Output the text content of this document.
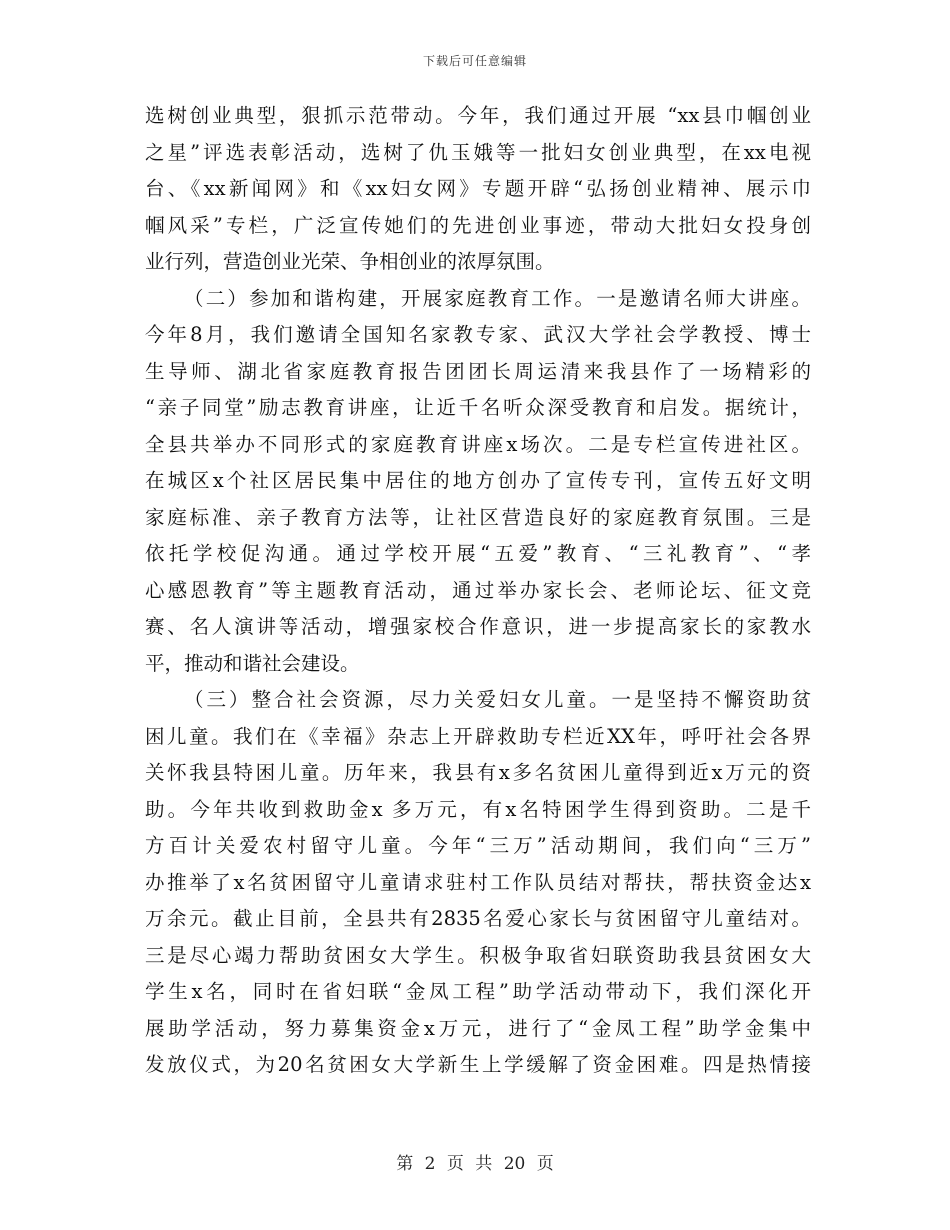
下载后可任意编辑
选树创业典型，狠抓示范带动。今年，我们通过开展 “xx县巾帼创业
之星”评选表彰活动，选树了仇玉娥等一批妇女创业典型，在xx电视
台、《xx新闻网》和《xx妇女网》专题开辟“弘扬创业精神、展示巾
帼风采”专栏，广泛宣传她们的先进创业事迹，带动大批妇女投身创
业行列，营造创业光荣、争相创业的浓厚氛围。
（二）参加和谐构建，开展家庭教育工作。一是邀请名师大讲座。
今年8月，我们邀请全国知名家教专家、武汉大学社会学教授、博士
生导师、湖北省家庭教育报告团团长周运清来我县作了一场精彩的
“亲子同堂”励志教育讲座，让近千名听众深受教育和启发。据统计，
全县共举办不同形式的家庭教育讲座x场次。二是专栏宣传进社区。
在城区x个社区居民集中居住的地方创办了宣传专刊，宣传五好文明
家庭标准、亲子教育方法等，让社区营造良好的家庭教育氛围。三是
依托学校促沟通。通过学校开展“五爱”教育、“三礼教育”、“孝
心感恩教育”等主题教育活动，通过举办家长会、老师论坛、征文竞
赛、名人演讲等活动，增强家校合作意识，进一步提高家长的家教水
平，推动和谐社会建设。
（三）整合社会资源，尽力关爱妇女儿童。一是坚持不懈资助贫
困儿童。我们在《幸福》杂志上开辟救助专栏近XX年，呼吁社会各界
关怀我县特困儿童。历年来，我县有x多名贫困儿童得到近x万元的资
助。今年共收到救助金x 多万元，有x名特困学生得到资助。二是千
方百计关爱农村留守儿童。今年“三万”活动期间，我们向“三万”
办推举了x名贫困留守儿童请求驻村工作队员结对帮扶，帮扶资金达x
万余元。截止目前，全县共有2835名爱心家长与贫困留守儿童结对。
三是尽心竭力帮助贫困女大学生。积极争取省妇联资助我县贫困女大
学生x名，同时在省妇联“金凤工程”助学活动带动下，我们深化开
展助学活动，努力募集资金x万元，进行了“金凤工程”助学金集中
发放仪式，为20名贫困女大学新生上学缓解了资金困难。四是热情接
第 2 页 共 20 页
